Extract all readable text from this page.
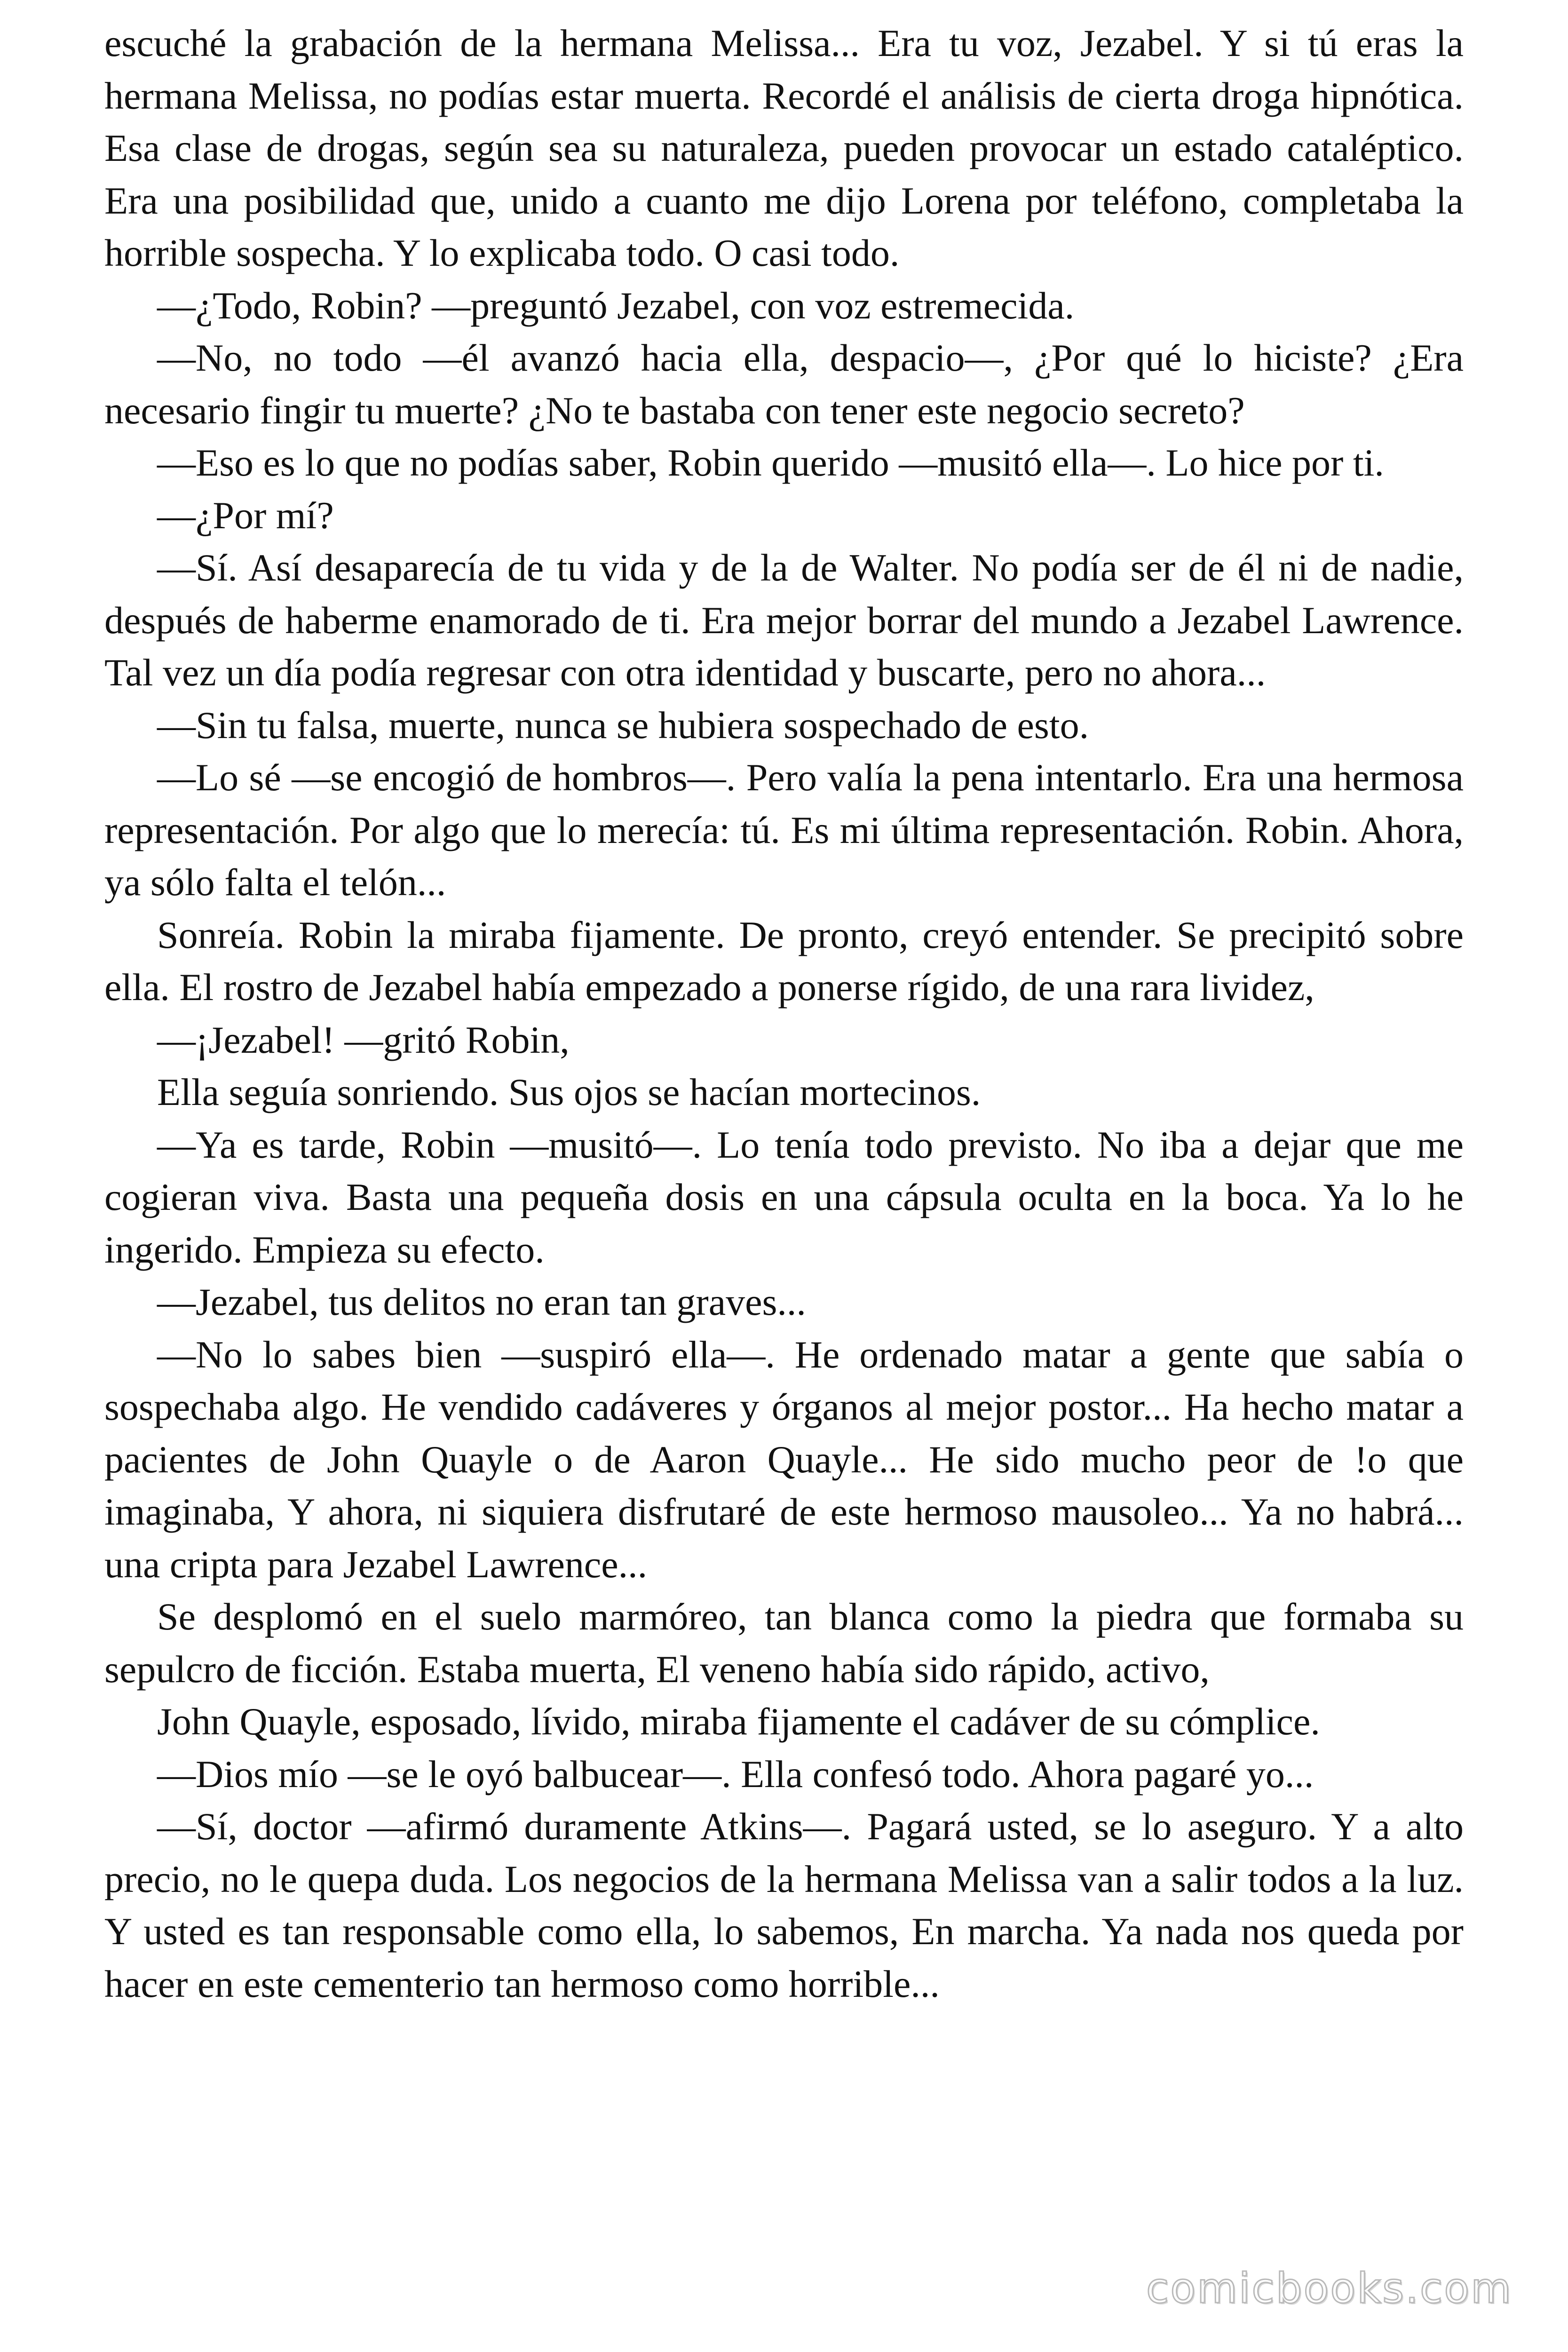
escuché la grabación de la hermana Melissa... Era tu voz, Jezabel. Y si tú eras la hermana Melissa, no podías estar muerta. Recordé el análisis de cierta droga hipnótica. Esa clase de drogas, según sea su naturaleza, pueden provocar un estado cataléptico. Era una posibilidad que, unido a cuanto me dijo Lorena por teléfono, completaba la horrible sospecha. Y lo explicaba todo. O casi todo.

—¿Todo, Robin? —preguntó Jezabel, con voz estremecida.

—No, no todo —él avanzó hacia ella, despacio—, ¿Por qué lo hiciste? ¿Era necesario fingir tu muerte? ¿No te bastaba con tener este negocio secreto?

—Eso es lo que no podías saber, Robin querido —musitó ella—. Lo hice por ti.

—¿Por mí?

—Sí. Así desaparecía de tu vida y de la de Walter. No podía ser de él ni de nadie, después de haberme enamorado de ti. Era mejor borrar del mundo a Jezabel Lawrence. Tal vez un día podía regresar con otra identidad y buscarte, pero no ahora...

—Sin tu falsa, muerte, nunca se hubiera sospechado de esto.

—Lo sé —se encogió de hombros—. Pero valía la pena intentarlo. Era una hermosa representación. Por algo que lo merecía: tú. Es mi última representación. Robin. Ahora, ya sólo falta el telón...

Sonreía. Robin la miraba fijamente. De pronto, creyó entender. Se precipitó sobre ella. El rostro de Jezabel había empezado a ponerse rígido, de una rara lividez,

—¡Jezabel! —gritó Robin,

Ella seguía sonriendo. Sus ojos se hacían mortecinos.

—Ya es tarde, Robin —musitó—. Lo tenía todo previsto. No iba a dejar que me cogieran viva. Basta una pequeña dosis en una cápsula oculta en la boca. Ya lo he ingerido. Empieza su efecto.

—Jezabel, tus delitos no eran tan graves...

—No lo sabes bien —suspiró ella—. He ordenado matar a gente que sabía o sospechaba algo. He vendido cadáveres y órganos al mejor postor... Ha hecho matar a pacientes de John Quayle o de Aaron Quayle... He sido mucho peor de !o que imaginaba, Y ahora, ni siquiera disfrutaré de este hermoso mausoleo... Ya no habrá... una cripta para Jezabel Lawrence...

Se desplomó en el suelo marmóreo, tan blanca como la piedra que formaba su sepulcro de ficción. Estaba muerta, El veneno había sido rápido, activo,

John Quayle, esposado, lívido, miraba fijamente el cadáver de su cómplice.

—Dios mío —se le oyó balbucear—. Ella confesó todo. Ahora pagaré yo...

—Sí, doctor —afirmó duramente Atkins—. Pagará usted, se lo aseguro. Y a alto precio, no le quepa duda. Los negocios de la hermana Melissa van a salir todos a la luz. Y usted es tan responsable como ella, lo sabemos, En marcha. Ya nada nos queda por hacer en este cementerio tan hermoso como horrible...

comicbooks.com
